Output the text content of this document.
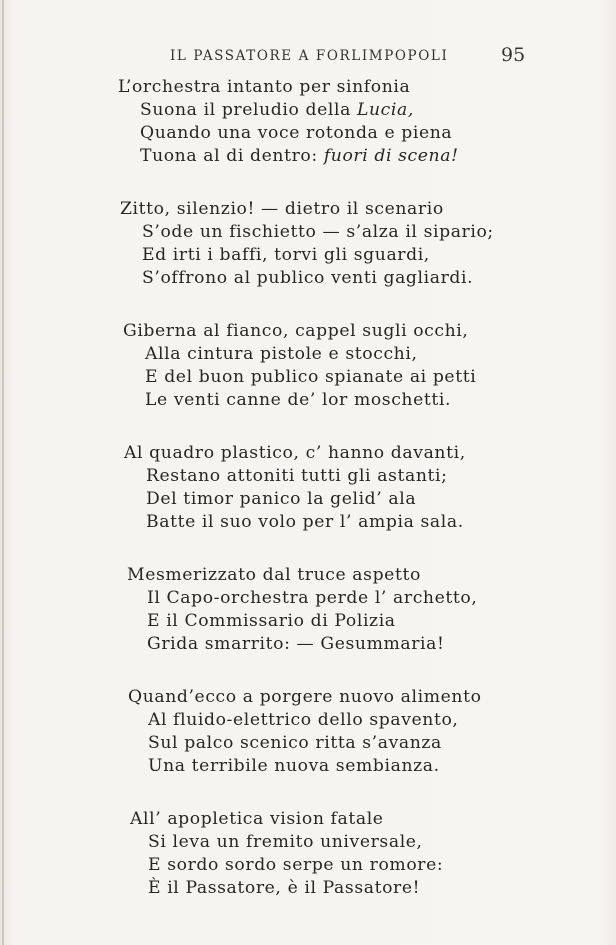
IL PASSATORE A FORLIMPOPOLI	95
L’orchestra intanto per sinfonia
Suona il preludio della Lucia,
Quando una voce rotonda e piena
Tuona al di dentro: fuori di scena!
Zitto, silenzio! — dietro il scenario
S’ode un fischietto — s’alza il sipario;
Ed irti i baffi, torvi gli sguardi,
S’offrono al publico venti gagliardi.
Giberna al fianco, cappel sugli occhi,
Alla cintura pistole e stocchi,
E del buon publico spianate ai petti
Le venti canne de’ lor moschetti.
Al quadro plastico, c’ hanno davanti,
Restano attoniti tutti gli astanti;
Del timor panico la gelid’ ala
Batte il suo volo per l’ ampia sala.
Mesmerizzato dal truce aspetto
Il Capo-orchestra perde l’ archetto,
E il Commissario di Polizia
Grida smarrito: — Gesummaria!
Quand’ecco a porgere nuovo alimento
Al fluido-elettrico dello spavento,
Sul palco scenico ritta s’avanza
Una terribile nuova sembianza.
All’ apopletica vision fatale
Si leva un fremito universale,
E sordo sordo serpe un romore:
È il Passatore, è il Passatore!
